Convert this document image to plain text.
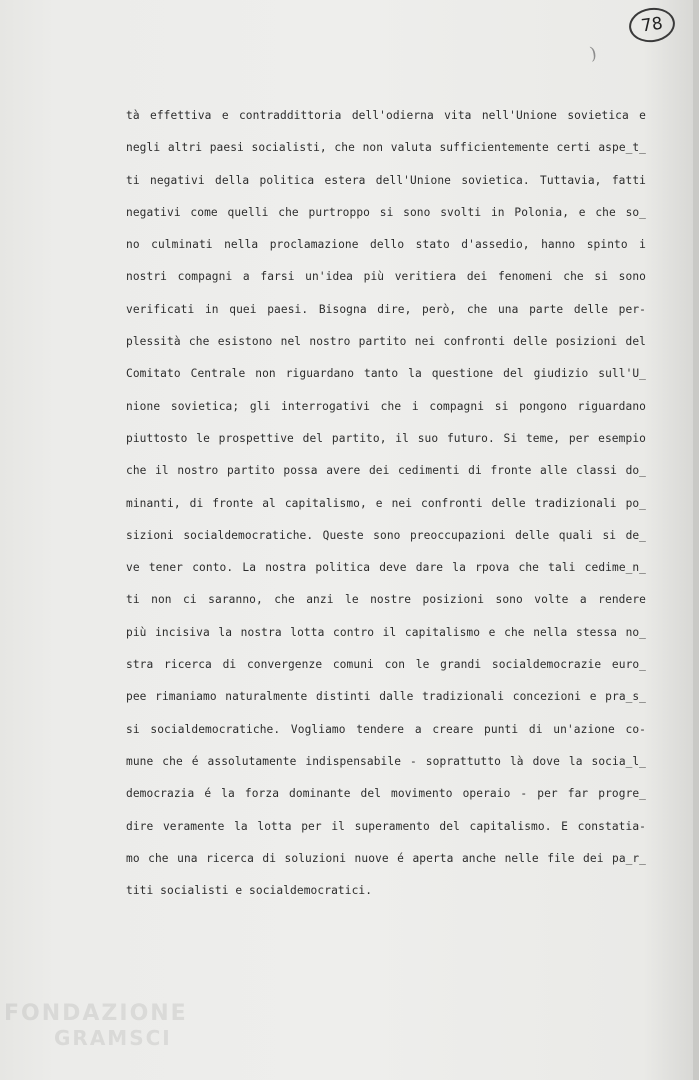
78
)
tà effettiva e contraddittoria dell'odierna vita nell'Unione sovietica e
negli altri paesi socialisti, che non valuta sufficientemente certi aspe̲t̲
ti negativi della politica estera dell'Unione sovietica. Tuttavia, fatti
negativi come quelli che purtroppo si sono svolti in Polonia, e che so̲
no culminati nella proclamazione dello stato d'assedio, hanno spinto i
nostri compagni a farsi un'idea più veritiera dei fenomeni che si sono
verificati in quei paesi. Bisogna dire, però, che una parte delle per-
plessità che esistono nel nostro partito nei confronti delle posizioni del
Comitato Centrale non riguardano tanto la questione del giudizio sull'U̲
nione sovietica; gli interrogativi che i compagni si pongono riguardano
piuttosto le prospettive del partito, il suo futuro. Si teme, per esempio
che il nostro partito possa avere dei cedimenti di fronte alle classi do̲
minanti, di fronte al capitalismo, e nei confronti delle tradizionali po̲
sizioni socialdemocratiche. Queste sono preoccupazioni delle quali si de̲
ve tener conto. La nostra politica deve dare la rpova che tali cedime̲n̲
ti non ci saranno, che anzi le nostre posizioni sono volte a rendere
più incisiva la nostra lotta contro il capitalismo e che nella stessa no̲
stra ricerca di convergenze comuni con le grandi socialdemocrazie euro̲
pee rimaniamo naturalmente distinti dalle tradizionali concezioni e pra̲s̲
si socialdemocratiche. Vogliamo tendere a creare punti di un'azione co-
mune che é assolutamente indispensabile - soprattutto là dove la socia̲l̲
democrazia é la forza dominante del movimento operaio - per far progre̲
dire veramente la lotta per il superamento del capitalismo. E constatia-
mo che una ricerca di soluzioni nuove é aperta anche nelle file dei pa̲r̲
titi socialisti e socialdemocratici.
FONDAZIONE
GRAMSCI
